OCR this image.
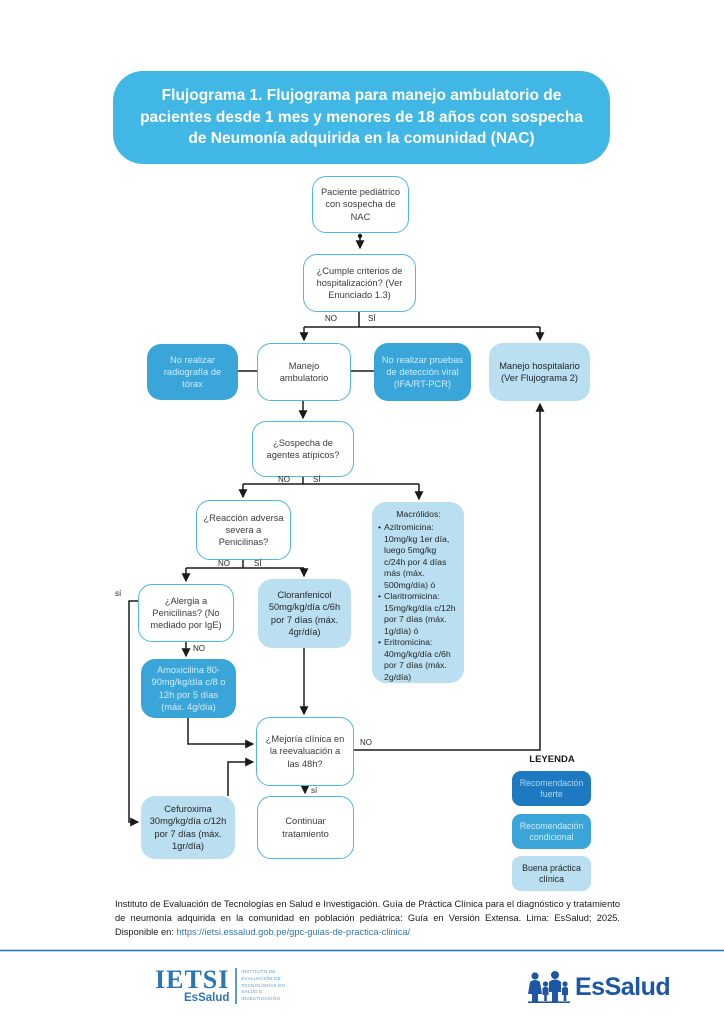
Flujograma 1. Flujograma para manejo ambulatorio de pacientes desde 1 mes y menores de 18 años con sospecha de Neumonía adquirida en la comunidad (NAC)
Paciente pediátrico con sospecha de NAC
¿Cumple criterios de hospitalización? (Ver Enunciado 1.3)
No realizar radiografía de tórax
Manejo ambulatorio
No realizar pruebas de detección viral (IFA/RT-PCR)
Manejo hospitalario (Ver Flujograma 2)
¿Sospecha de agentes atípicos?
¿Reacción adversa severa a Penicilinas?
Macrólidos:
• Azitromicina: 10mg/kg 1er día, luego 5mg/kg c/24h por 4 días más (máx. 500mg/día) ó
• Claritromicina: 15mg/kg/día c/12h por 7 días (máx. 1g/día) ó
• Eritromicina: 40mg/kg/día c/6h por 7 días (máx. 2g/día)
¿Alergia a Penicilinas? (No mediado por IgE)
Cloranfenicol 50mg/kg/día c/6h por 7 días (máx. 4gr/día)
Amoxicilina 80-90mg/kg/día c/8 o 12h por 5 días (máx. 4g/día)
¿Mejoría clínica en la reevaluación a las 48h?
Cefuroxima 30mg/kg/día c/12h por 7 días (máx. 1gr/día)
Continuar tratamiento
NO	SÍ
NO	SÍ
NO	SÍ
NO
sí
NO
sí
LEYENDA
Recomendación fuerte
Recomendación condicional
Buena práctica clínica
Instituto de Evaluación de Tecnologías en Salud e Investigación. Guía de Práctica Clínica para el diagnóstico y tratamiento de neumonía adquirida en la comunidad en población pediátrica: Guía en Versión Extensa. Lima: EsSalud; 2025. Disponible en: https://ietsi.essalud.gob.pe/gpc-guias-de-practica-clinica/
IETSI
EsSalud
INSTITUTO DE
EVALUACIÓN DE
TECNOLOGÍAS EN
SALUD E
INVESTIGACIÓN	EsSalud
